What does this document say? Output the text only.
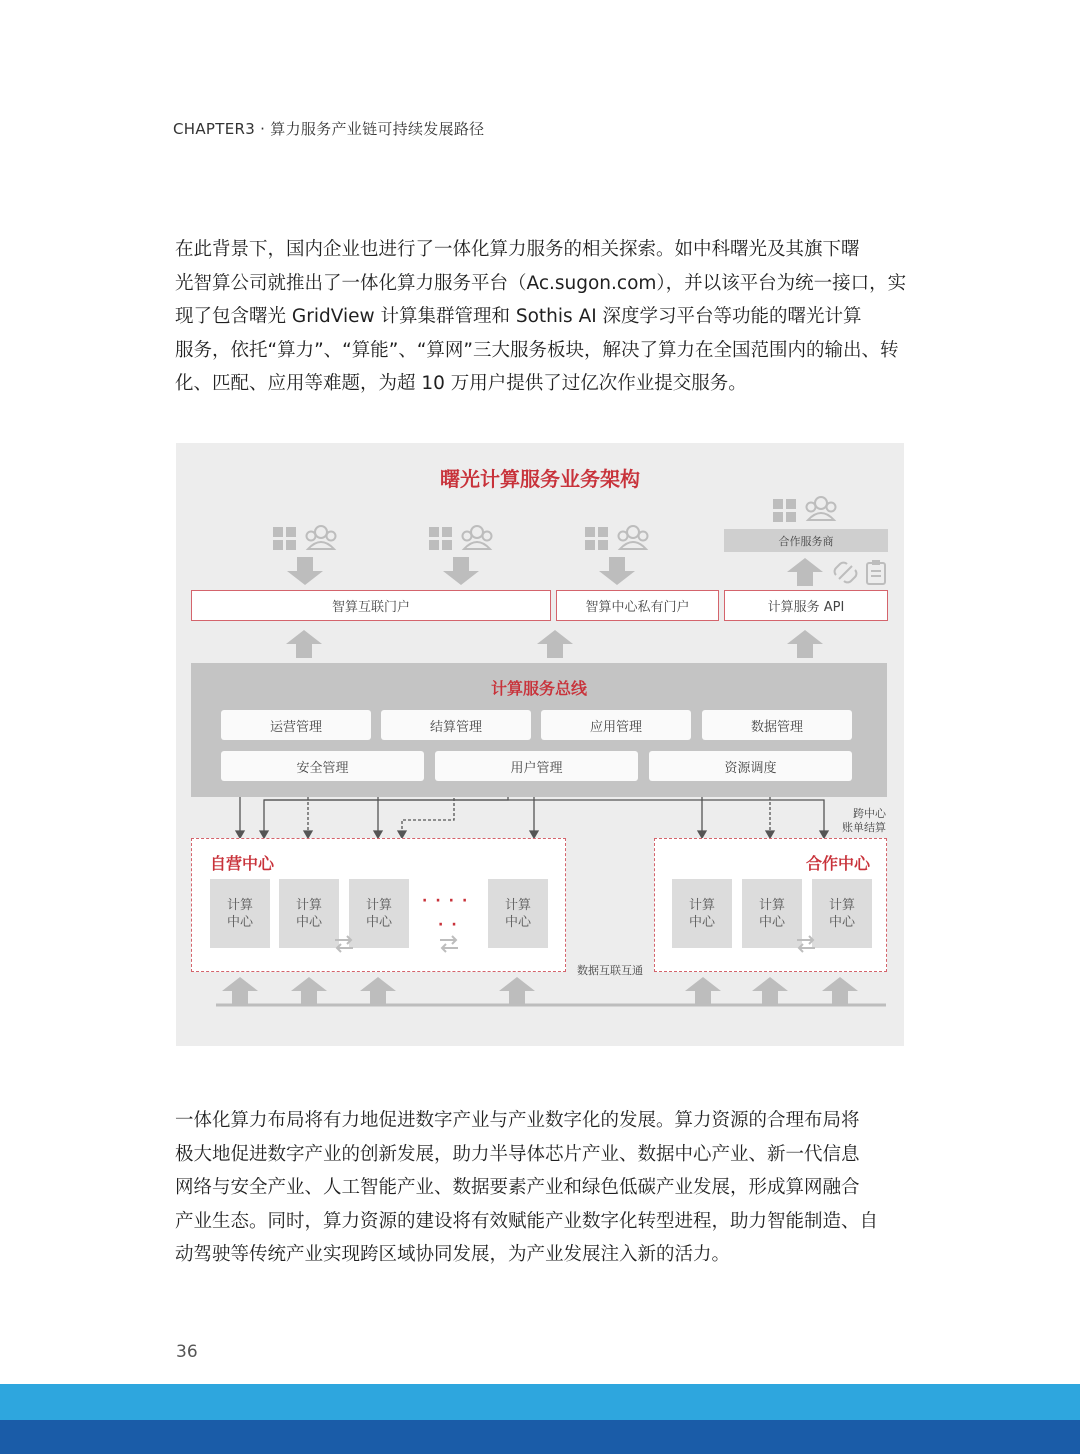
CHAPTER3 · 算力服务产业链可持续发展路径
在此背景下，国内企业也进行了一体化算力服务的相关探索。如中科曙光及其旗下曙
光智算公司就推出了一体化算力服务平台（Ac.sugon.com），并以该平台为统一接口，实
现了包含曙光 GridView 计算集群管理和 Sothis AI 深度学习平台等功能的曙光计算
服务，依托“算力”、“算能”、“算网”三大服务板块，解决了算力在全国范围内的输出、转
化、匹配、应用等难题，为超 10 万用户提供了过亿次作业提交服务。
曙光计算服务业务架构
合作服务商
智算互联门户	智算中心私有门户	计算服务 API
计算服务总线
运营管理	结算管理	应用管理	数据管理
安全管理	用户管理	资源调度
跨中心
账单结算
自营中心
计算
中心
计算
中心
计算
中心
····
··
计算
中心
合作中心
计算
中心
计算
中心
计算
中心
数据互联互通
一体化算力布局将有力地促进数字产业与产业数字化的发展。算力资源的合理布局将
极大地促进数字产业的创新发展，助力半导体芯片产业、数据中心产业、新一代信息
网络与安全产业、人工智能产业、数据要素产业和绿色低碳产业发展，形成算网融合
产业生态。同时，算力资源的建设将有效赋能产业数字化转型进程，助力智能制造、自
动驾驶等传统产业实现跨区域协同发展，为产业发展注入新的活力。
36
